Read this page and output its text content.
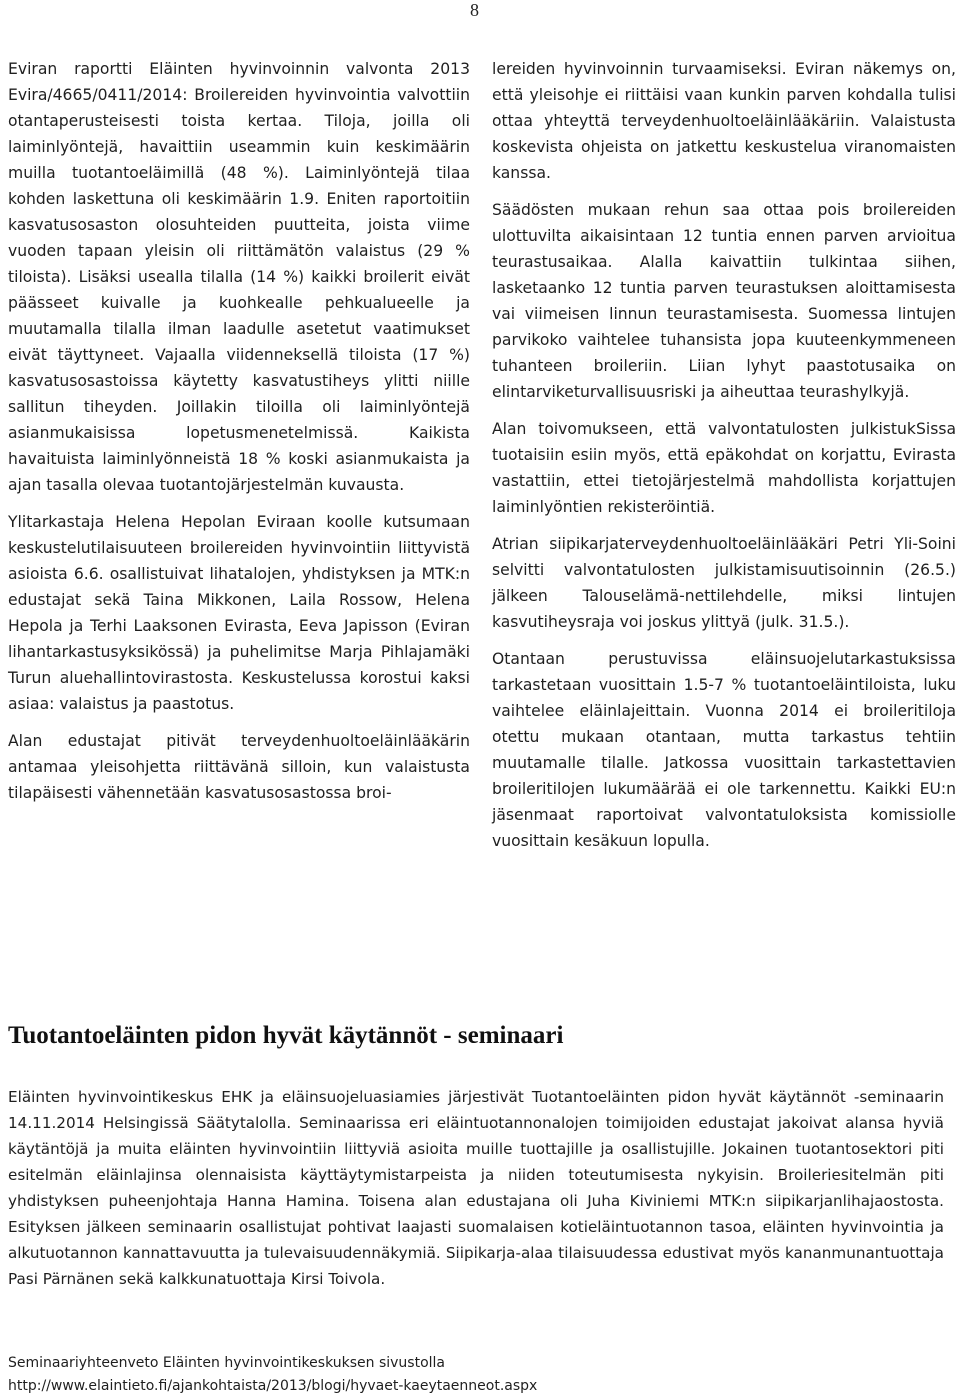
8

Eviran raportti Eläinten hyvinvoinnin valvonta 2013 Evira/4665/0411/2014: Broilereiden hyvinvointia valvottiin otantaperusteisesti toista kertaa. Tiloja, joilla oli laiminlyöntejä, havaittiin useammin kuin keskimäärin muilla tuotantoeläimillä (48 %). Laiminlyöntejä tilaa kohden laskettuna oli keskimäärin 1.9. Eniten raportoitiin kasvatusosaston olosuhteiden puutteita, joista viime vuoden tapaan yleisin oli riittämätön valaistus (29 % tiloista). Lisäksi usealla tilalla (14 %) kaikki broilerit eivät päässeet kuivalle ja kuohkealle pehkualueelle ja muutamalla tilalla ilman laadulle asetetut vaatimukset eivät täyttyneet. Vajaalla viidenneksellä tiloista (17 %) kasvatusosastoissa käytetty kasvatustiheys ylitti niille sallitun tiheyden. Joillakin tiloilla oli laiminlyöntejä asianmukaisissa lopetusmenetelmissä. Kaikista havaituista laiminlyönneistä 18 % koski asianmukaista ja ajan tasalla olevaa tuotantojärjestelmän kuvausta.

Ylitarkastaja Helena Hepolan Eviraan koolle kutsumaan keskustelutilaisuuteen broilereiden hyvinvointiin liittyvistä asioista 6.6. osallistuivat lihatalojen, yhdistyksen ja MTK:n edustajat sekä Taina Mikkonen, Laila Rossow, Helena Hepola ja Terhi Laaksonen Evirasta, Eeva Japisson (Eviran lihantarkastusyksikössä) ja puhelimitse Marja Pihlajamäki Turun aluehallintovirastosta. Keskustelussa korostui kaksi asiaa: valaistus ja paastotus.

Alan edustajat pitivät terveydenhuoltoeläinlääkärin antamaa yleisohjetta riittävänä silloin, kun valaistusta tilapäisesti vähennetään kasvatusosastossa broi-

lereiden hyvinvoinnin turvaamiseksi. Eviran näkemys on, että yleisohje ei riittäisi vaan kunkin parven kohdalla tulisi ottaa yhteyttä terveydenhuoltoeläinlääkäriin. Valaistusta koskevista ohjeista on jatkettu keskustelua viranomaisten kanssa.

Säädösten mukaan rehun saa ottaa pois broilereiden ulottuvilta aikaisintaan 12 tuntia ennen parven arvioitua teurastusaikaa. Alalla kaivattiin tulkintaa siihen, lasketaanko 12 tuntia parven teurastuksen aloittamisesta vai viimeisen linnun teurastamisesta. Suomessa lintujen parvikoko vaihtelee tuhansista jopa kuuteenkymmeneen tuhanteen broileriin. Liian lyhyt paastotusaika on elintarviketurvallisuusriski ja aiheuttaa teurashylkyjä.

Alan toivomukseen, että valvontatulosten julkistukSissa tuotaisiin esiin myös, että epäkohdat on korjattu, Evirasta vastattiin, ettei tietojärjestelmä mahdollista korjattujen laiminlyöntien rekisteröintiä.

Atrian siipikarjaterveydenhuoltoeläinlääkäri Petri Yli-Soini selvitti valvontatulosten julkistamisuutisoinnin (26.5.) jälkeen Talouselämä-nettilehdelle, miksi lintujen kasvutiheysraja voi joskus ylittyä (julk. 31.5.).

Otantaan perustuvissa eläinsuojelutarkastuksissa tarkastetaan vuosittain 1.5-7 % tuotantoeläintiloista, luku vaihtelee eläinlajeittain. Vuonna 2014 ei broileritiloja otettu mukaan otantaan, mutta tarkastus tehtiin muutamalle tilalle. Jatkossa vuosittain tarkastettavien broileritilojen lukumäärää ei ole tarkennettu. Kaikki EU:n jäsenmaat raportoivat valvontatuloksista komissiolle vuosittain kesäkuun lopulla.

Tuotantoeläinten pidon hyvät käytännöt - seminaari

Eläinten hyvinvointikeskus EHK ja eläinsuojeluasiamies järjestivät Tuotantoeläinten pidon hyvät käytännöt -seminaarin 14.11.2014 Helsingissä Säätytalolla. Seminaarissa eri eläintuotannonalojen toimijoiden edustajat jakoivat alansa hyviä käytäntöjä ja muita eläinten hyvinvointiin liittyviä asioita muille tuottajille ja osallistujille. Jokainen tuotantosektori piti esitelmän eläinlajinsa olennaisista käyttäytymistarpeista ja niiden toteutumisesta nykyisin. Broileriesitelmän piti yhdistyksen puheenjohtaja Hanna Hamina. Toisena alan edustajana oli Juha Kiviniemi MTK:n siipikarjanlihajaostosta. Esityksen jälkeen seminaarin osallistujat pohtivat laajasti suomalaisen kotieläintuotannon tasoa, eläinten hyvinvointia ja alkutuotannon kannattavuutta ja tulevaisuudennäkymiä. Siipikarja-alaa tilaisuudessa edustivat myös kananmunantuottaja Pasi Pärnänen sekä kalkkunatuottaja Kirsi Toivola.

Seminaariyhteenveto Eläinten hyvinvointikeskuksen sivustolla
http://www.elaintieto.fi/ajankohtaista/2013/blogi/hyvaet-kaeytaenneot.aspx
